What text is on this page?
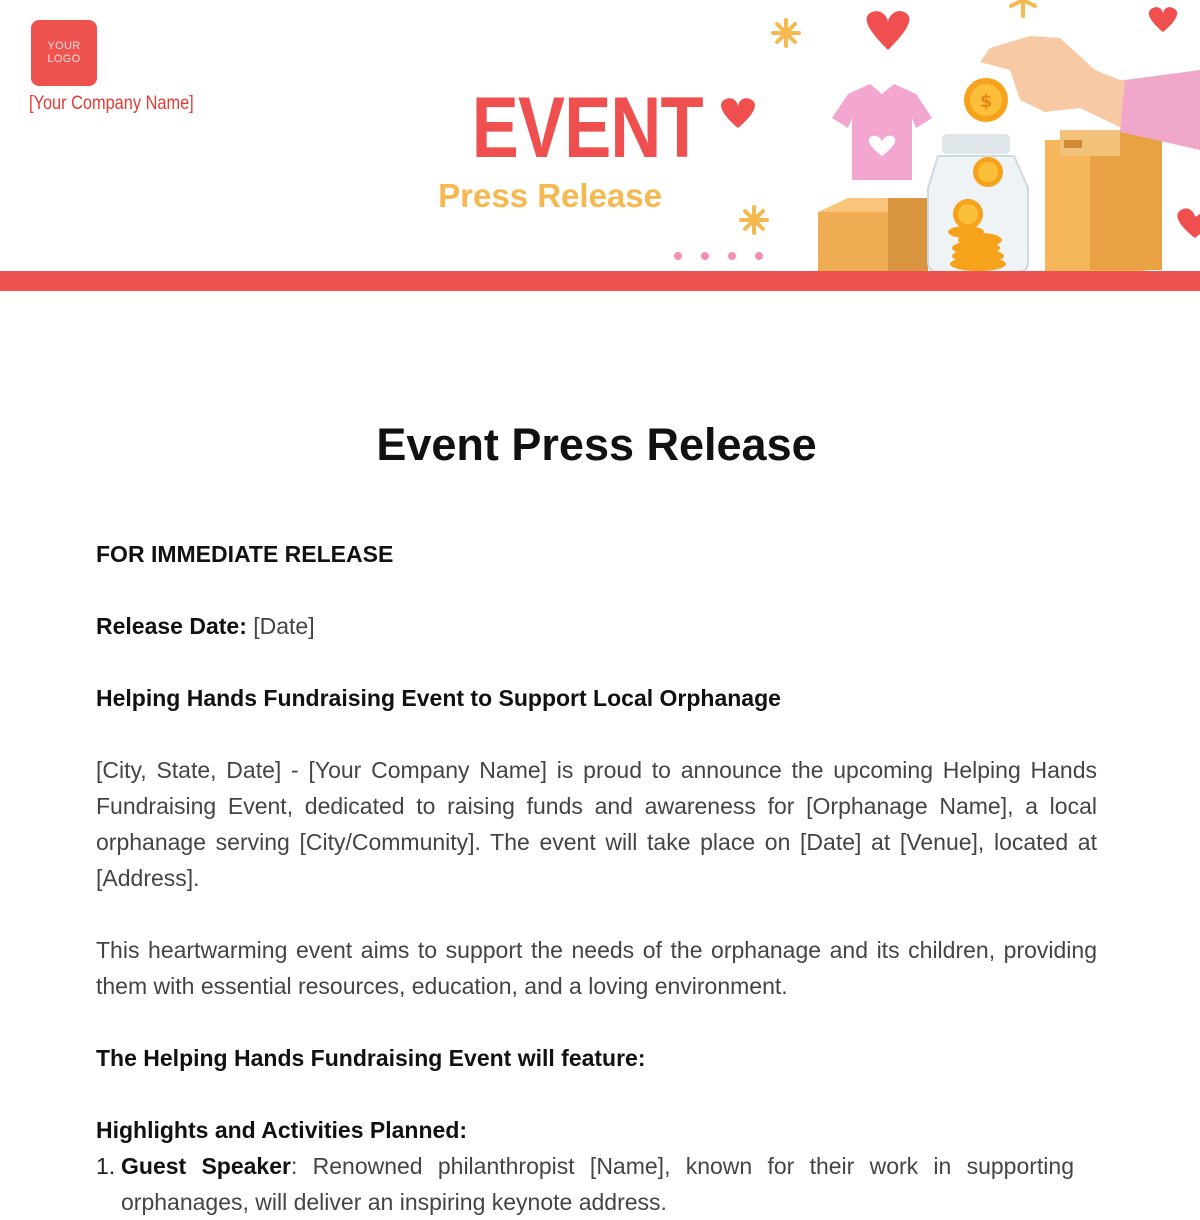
YOUR
LOGO
[Your Company Name]	EVENT
Press Release
$
Event Press Release

FOR IMMEDIATE RELEASE

Release Date: [Date]

Helping Hands Fundraising Event to Support Local Orphanage

[City, State, Date] - [Your Company Name] is proud to announce the upcoming Helping Hands Fundraising Event, dedicated to raising funds and awareness for [Orphanage Name], a local orphanage serving [City/Community]. The event will take place on [Date] at [Venue], located at [Address].

This heartwarming event aims to support the needs of the orphanage and its children, providing them with essential resources, education, and a loving environment.

The Helping Hands Fundraising Event will feature:

Highlights and Activities Planned:

1. Guest Speaker: Renowned philanthropist [Name], known for their work in supporting orphanages, will deliver an inspiring keynote address.
